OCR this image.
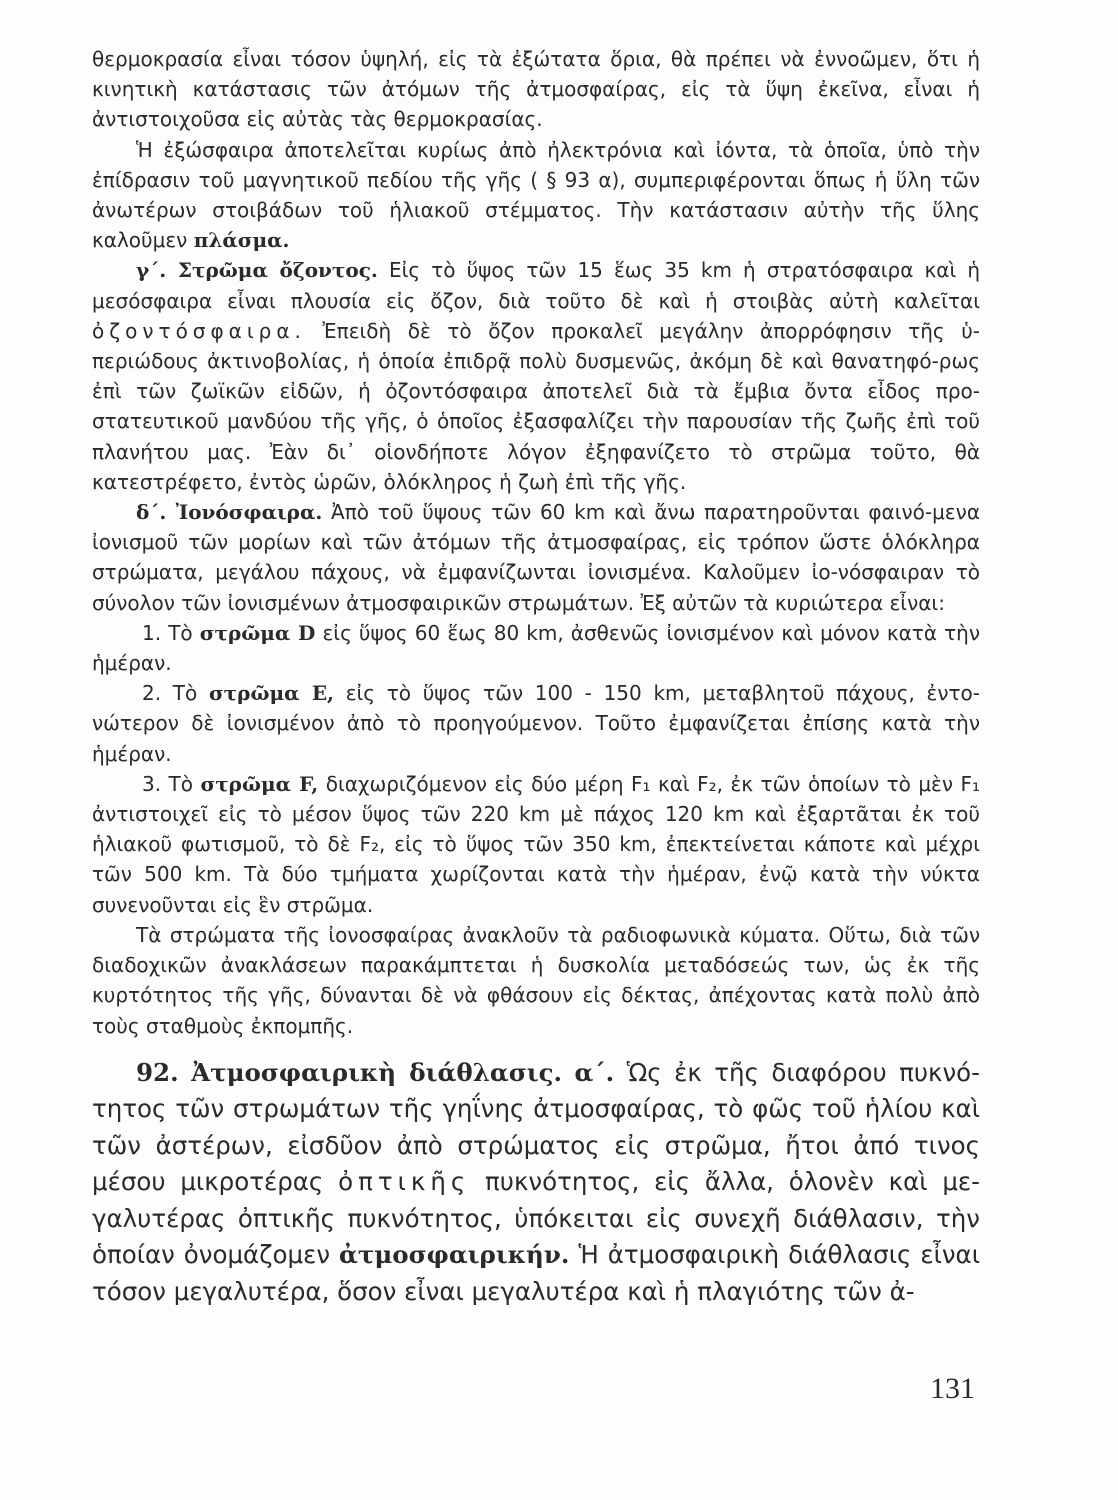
θερμοκρασία εἶναι τόσον ὑψηλή, εἰς τὰ ἐξώτατα ὅρια, θὰ πρέπει νὰ ἐννοῶμεν, ὅτι ἡ κινητικὴ κατάστασις τῶν ἀτόμων τῆς ἀτμοσφαίρας, εἰς τὰ ὕψη ἐκεῖνα, εἶναι ἡ ἀντιστοιχοῦσα εἰς αὐτὰς τὰς θερμοκρασίας.

Ἡ ἐξώσφαιρα ἀποτελεῖται κυρίως ἀπὸ ἠλεκτρόνια καὶ ἰόντα, τὰ ὁποῖα, ὑπὸ τὴν ἐπίδρασιν τοῦ μαγνητικοῦ πεδίου τῆς γῆς ( § 93 α), συμπεριφέρονται ὅπως ἡ ὕλη τῶν ἀνωτέρων στοιβάδων τοῦ ἡλιακοῦ στέμματος. Τὴν κατάστασιν αὐτὴν τῆς ὕλης καλοῦμεν πλάσμα.

γ΄. Στρῶμα ὄζοντος. Εἰς τὸ ὕψος τῶν 15 ἕως 35 km ἡ στρατόσφαιρα καὶ ἡ μεσόσφαιρα εἶναι πλουσία εἰς ὄζον, διὰ τοῦτο δὲ καὶ ἡ στοιβὰς αὐτὴ καλεῖται ὀζοντόσφαιρα. Ἐπειδὴ δὲ τὸ ὄζον προκαλεῖ μεγάλην ἀπορρόφησιν τῆς ὑ-περιώδους ἀκτινοβολίας, ἡ ὁποία ἐπιδρᾷ πολὺ δυσμενῶς, ἀκόμη δὲ καὶ θανατηφό-ρως ἐπὶ τῶν ζωϊκῶν εἰδῶν, ἡ ὀζοντόσφαιρα ἀποτελεῖ διὰ τὰ ἔμβια ὄντα εἶδος προ-στατευτικοῦ μανδύου τῆς γῆς, ὁ ὁποῖος ἐξασφαλίζει τὴν παρουσίαν τῆς ζωῆς ἐπὶ τοῦ πλανήτου μας. Ἐὰν δι᾽ οἱονδήποτε λόγον ἐξηφανίζετο τὸ στρῶμα τοῦτο, θὰ κατεστρέφετο, ἐντὸς ὡρῶν, ὁλόκληρος ἡ ζωὴ ἐπὶ τῆς γῆς.

δ΄. Ἰονόσφαιρα. Ἀπὸ τοῦ ὕψους τῶν 60 km καὶ ἄνω παρατηροῦνται φαινό-μενα ἰονισμοῦ τῶν μορίων καὶ τῶν ἀτόμων τῆς ἀτμοσφαίρας, εἰς τρόπον ὥστε ὁλόκληρα στρώματα, μεγάλου πάχους, νὰ ἐμφανίζωνται ἰονισμένα. Καλοῦμεν ἰο-νόσφαιραν τὸ σύνολον τῶν ἰονισμένων ἀτμοσφαιρικῶν στρωμάτων. Ἐξ αὐτῶν τὰ κυριώτερα εἶναι:

1. Τὸ στρῶμα D εἰς ὕψος 60 ἕως 80 km, ἀσθενῶς ἰονισμένον καὶ μόνον κατὰ τὴν ἡμέραν.

2. Τὸ στρῶμα E, εἰς τὸ ὕψος τῶν 100 - 150 km, μεταβλητοῦ πάχους, ἐντο-νώτερον δὲ ἰονισμένον ἀπὸ τὸ προηγούμενον. Τοῦτο ἐμφανίζεται ἐπίσης κατὰ τὴν ἡμέραν.

3. Τὸ στρῶμα F, διαχωριζόμενον εἰς δύο μέρη F₁ καὶ F₂, ἐκ τῶν ὁποίων τὸ μὲν F₁ ἀντιστοιχεῖ εἰς τὸ μέσον ὕψος τῶν 220 km μὲ πάχος 120 km καὶ ἐξαρτᾶται ἐκ τοῦ ἡλιακοῦ φωτισμοῦ, τὸ δὲ F₂, εἰς τὸ ὕψος τῶν 350 km, ἐπεκτείνεται κάποτε καὶ μέχρι τῶν 500 km. Τὰ δύο τμήματα χωρίζονται κατὰ τὴν ἡμέραν, ἐνῷ κατὰ τὴν νύκτα συνενοῦνται εἰς ἓν στρῶμα.

Τὰ στρώματα τῆς ἰονοσφαίρας ἀνακλοῦν τὰ ραδιοφωνικὰ κύματα. Οὕτω, διὰ τῶν διαδοχικῶν ἀνακλάσεων παρακάμπτεται ἡ δυσκολία μεταδόσεώς των, ὡς ἐκ τῆς κυρτότητος τῆς γῆς, δύνανται δὲ νὰ φθάσουν εἰς δέκτας, ἀπέχοντας κατὰ πολὺ ἀπὸ τοὺς σταθμοὺς ἐκπομπῆς.

92. Ἀτμοσφαιρικὴ διάθλασις. α΄. Ὡς ἐκ τῆς διαφόρου πυκνό-τητος τῶν στρωμάτων τῆς γηΐνης ἀτμοσφαίρας, τὸ φῶς τοῦ ἡλίου καὶ τῶν ἀστέρων, εἰσδῦον ἀπὸ στρώματος εἰς στρῶμα, ἤτοι ἀπό τινος μέσου μικροτέρας ὀπτικῆς πυκνότητος, εἰς ἄλλα, ὁλονὲν καὶ με-γαλυτέρας ὀπτικῆς πυκνότητος, ὑπόκειται εἰς συνεχῆ διάθλασιν, τὴν ὁποίαν ὀνομάζομεν ἀτμοσφαιρικήν. Ἡ ἀτμοσφαιρικὴ διάθλασις εἶναι τόσον μεγαλυτέρα, ὅσον εἶναι μεγαλυτέρα καὶ ἡ πλαγιότης τῶν ἀ-

131
